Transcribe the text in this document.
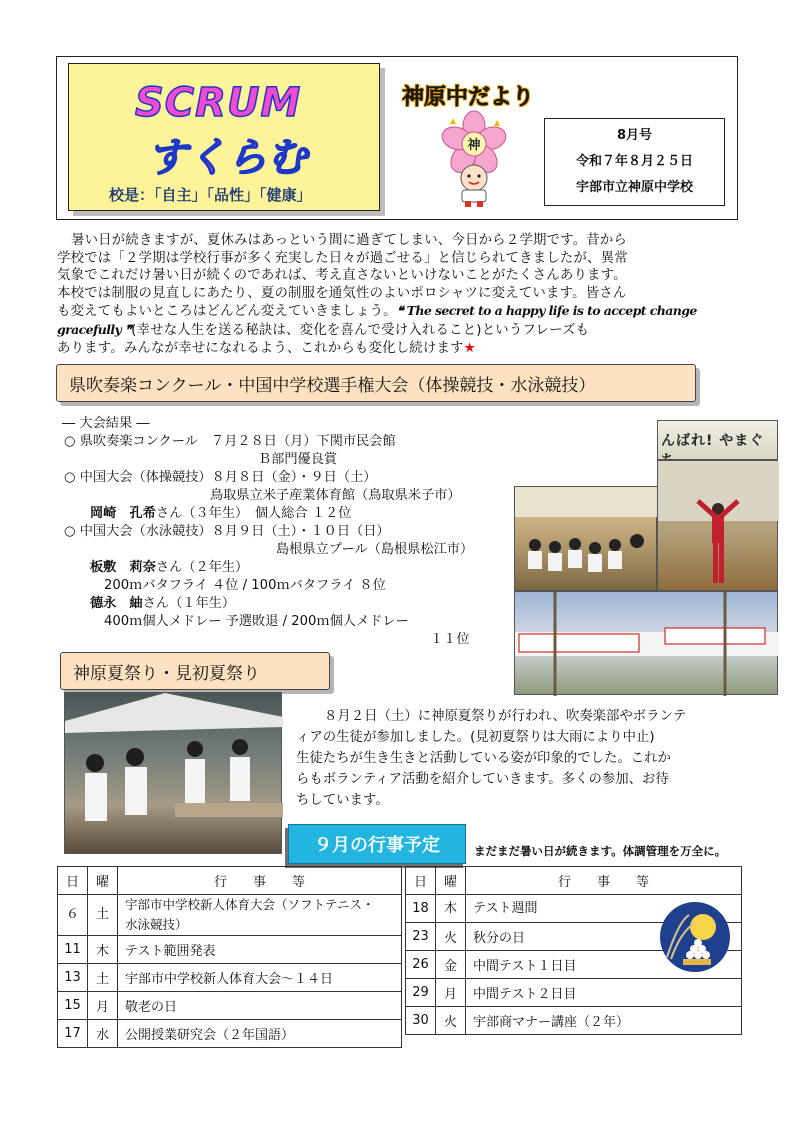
SCRUM
すくらむ
校是：「自主」「品性」「健康」
神原中だより
神
8月号
令和７年８月２５日
宇部市立神原中学校
暑い日が続きますが、夏休みはあっという間に過ぎてしまい、今日から２学期です。昔から
学校では「２学期は学校行事が多く充実した日々が過ごせる」と信じられてきましたが、異常
気象でこれだけ暑い日が続くのであれば、考え直さないといけないことがたくさんあります。
本校では制服の見直しにあたり、夏の制服を通気性のよいポロシャツに変えています。皆さん
も変えてもよいところはどんどん変えていきましょう。❝ The secret to a happy life is to accept change gracefully ❞(幸せな人生を送る秘訣は、変化を喜んで受け入れること)というフレーズも
あります。みんなが幸せになれるよう、これからも変化し続けます★
県吹奏楽コンクール・中国中学校選手権大会（体操競技・水泳競技）
― 大会結果 ―
○ 県吹奏楽コンクール　７月２８日（月）下関市民会館
Ｂ部門優良賞
○ 中国大会（体操競技）８月８日（金）・９日（土）
鳥取県立米子産業体育館（鳥取県米子市）
岡崎　孔希さん（３年生）　個人総合 １２位
○ 中国大会（水泳競技）８月９日（土）・１０日（日）
島根県立プール（島根県松江市）
板敷　莉奈さん（２年生）
200ｍバタフライ ４位 / 100ｍバタフライ ８位
德永　紬さん（１年生）
400ｍ個人メドレー 予選敗退 / 200ｍ個人メドレー
１１位
んばれ! やまぐ
神原夏祭り・見初夏祭り
８月２日（土）に神原夏祭りが行われ、吹奏楽部やボランテ
ィアの生徒が参加しました。(見初夏祭りは大雨により中止)
生徒たちが生き生きと活動している姿が印象的でした。これか
らもボランティア活動を紹介していきます。多くの参加、お待
ちしています。
９月の行事予定	まだまだ暑い日が続きます。体調管理を万全に。
日	曜	行　　事　　等
６	土	宇部市中学校新人体育大会（ソフトテニス・
水泳競技）

11	木	テスト範囲発表
13	土	宇部市中学校新人体育大会～１４日
15	月	敬老の日
17	水	公開授業研究会（２年国語）
日	曜	行　　事　　等
18	木	テスト週間
23	火	秋分の日
26	金	中間テスト１日目
29	月	中間テスト２日目
30	火	宇部商マナー講座（２年）
